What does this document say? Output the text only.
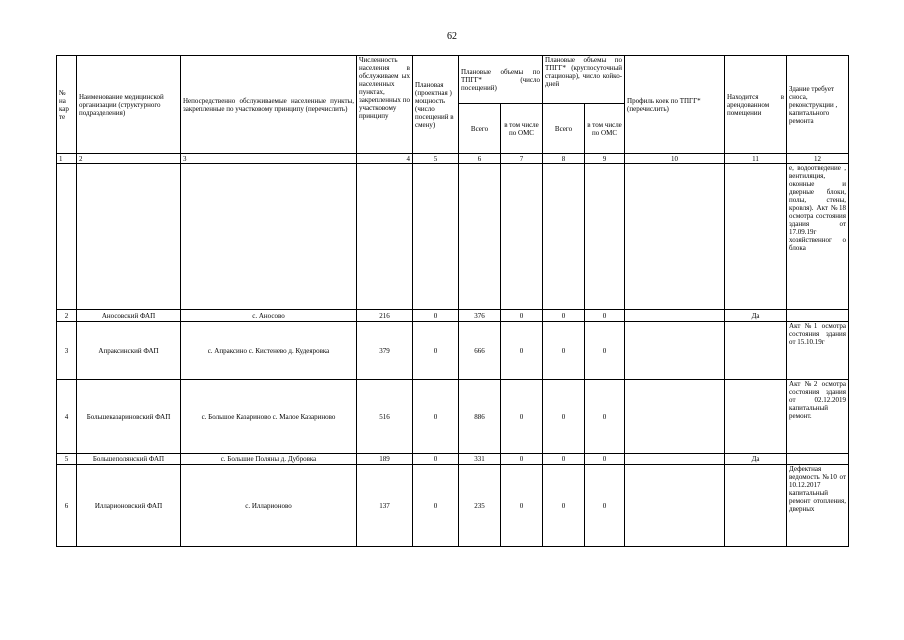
62
№ на кар те	Наименование медицинской организации (структурного подразделения)	Непосредственно обслуживаемые населенные пункты, закрепленные по участковому принципу (перечислить)	Численность населения в обслуживаем ых населенных пунктах, закрепленных по участковому принципу	Плановая (проектная ) мощность (число посещений в смену)	Плановые объемы по ТПГГ* (число посещений)		Плановые объемы по ТПГГ* (круглосуточный стационар), число койко-дней		Профиль коек по ТПГГ* (перечислить)	Находится в арендованном помещении	Здание требует сноса, реконструкции , капитального ремонта
					Всего	в том числе по ОМС	Всего	в том числе по ОМС			
1	2	3	4	5	6	7	8	9	10	11	12
											е, водоотведение , вентиляция, оконные и дверные блоки, полы, стены, кровля). Акт №18 осмотра состояния здания от 17.09.19г хозяйственног о блока
2	Аносовский ФАП	с. Аносово	216	0	376	0	0	0		Да	
3	Апраксинский ФАП	с. Апраксино с. Кистенево д. Кудеяровка	379	0	666	0	0	0			Акт №1 осмотра состояния здания от 15.10.19г
4	Большеказариновский ФАП	с. Большое Казариново с. Малое Казариново	516	0	886	0	0	0			Акт №2 осмотра состояния здания от 02.12.2019 капитальный ремонт.
5	Большеполянский ФАП	с. Большие Поляны д. Дубровка	189	0	331	0	0	0		Да	
6	Илларионовский ФАП	с. Илларионово	137	0	235	0	0	0			Дефектная ведомость №10 от 10.12.2017 капитальный ремонт отопления, дверных
